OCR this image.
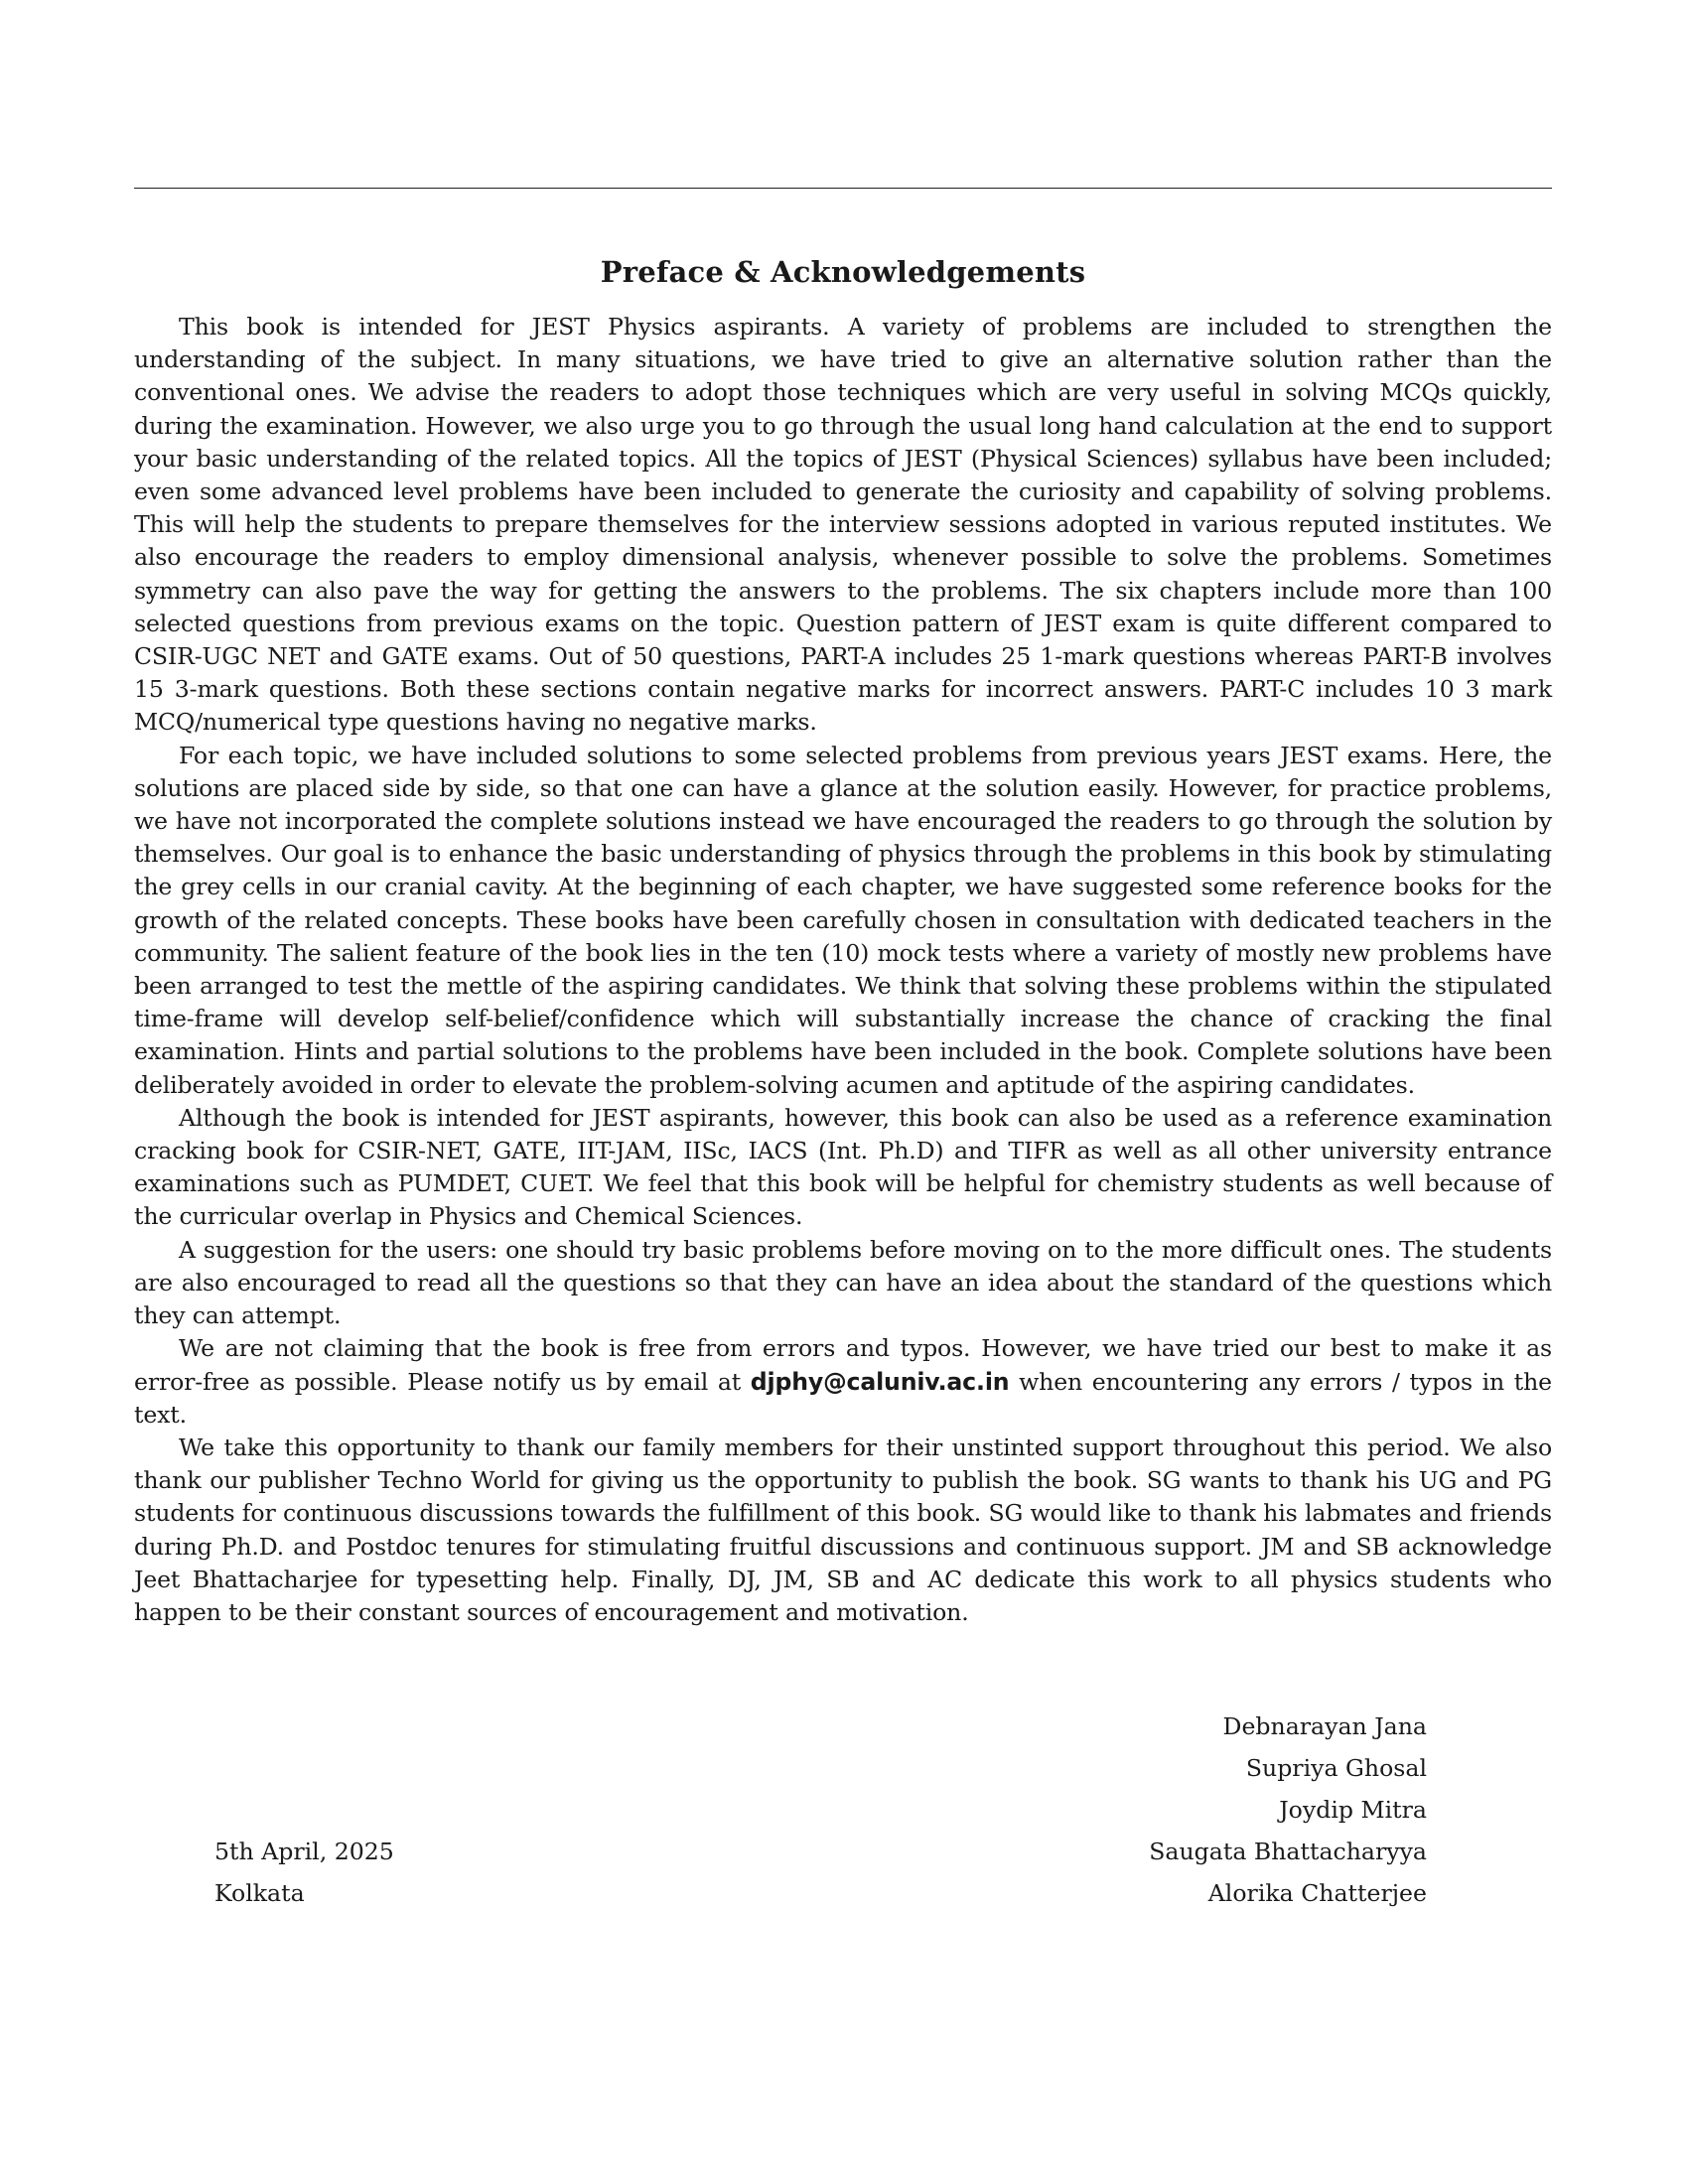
Preface & Acknowledgements

This book is intended for JEST Physics aspirants. A variety of problems are included to strengthen the understanding of the subject. In many situations, we have tried to give an alternative solution rather than the conventional ones. We advise the readers to adopt those techniques which are very useful in solving MCQs quickly, during the examination. However, we also urge you to go through the usual long hand calculation at the end to support your basic understanding of the related topics. All the topics of JEST (Physical Sciences) syllabus have been included; even some advanced level problems have been included to generate the curiosity and capability of solving problems. This will help the students to prepare themselves for the interview sessions adopted in various reputed institutes. We also encourage the readers to employ dimensional analysis, whenever possible to solve the problems. Sometimes symmetry can also pave the way for getting the answers to the problems. The six chapters include more than 100 selected questions from previous exams on the topic. Question pattern of JEST exam is quite different compared to CSIR-UGC NET and GATE exams. Out of 50 questions, PART-A includes 25 1-mark questions whereas PART-B involves 15 3-mark questions. Both these sections contain negative marks for incorrect answers. PART-C includes 10 3 mark MCQ/numerical type questions having no negative marks.

For each topic, we have included solutions to some selected problems from previous years JEST exams. Here, the solutions are placed side by side, so that one can have a glance at the solution easily. However, for practice problems, we have not incorporated the complete solutions instead we have encouraged the readers to go through the solution by themselves. Our goal is to enhance the basic understanding of physics through the problems in this book by stimulating the grey cells in our cranial cavity. At the beginning of each chapter, we have suggested some reference books for the growth of the related concepts. These books have been carefully chosen in consultation with dedicated teachers in the community. The salient feature of the book lies in the ten (10) mock tests where a variety of mostly new problems have been arranged to test the mettle of the aspiring candidates. We think that solving these problems within the stipulated time-frame will develop self-belief/confidence which will substantially increase the chance of cracking the final examination. Hints and partial solutions to the problems have been included in the book. Complete solutions have been deliberately avoided in order to elevate the problem-solving acumen and aptitude of the aspiring candidates.

Although the book is intended for JEST aspirants, however, this book can also be used as a reference examination cracking book for CSIR-NET, GATE, IIT-JAM, IISc, IACS (Int. Ph.D) and TIFR as well as all other university entrance examinations such as PUMDET, CUET. We feel that this book will be helpful for chemistry students as well because of the curricular overlap in Physics and Chemical Sciences.

A suggestion for the users: one should try basic problems before moving on to the more difficult ones. The students are also encouraged to read all the questions so that they can have an idea about the standard of the questions which they can attempt.

We are not claiming that the book is free from errors and typos. However, we have tried our best to make it as error-free as possible. Please notify us by email at djphy@caluniv.ac.in when encountering any errors / typos in the text.

We take this opportunity to thank our family members for their unstinted support throughout this period. We also thank our publisher Techno World for giving us the opportunity to publish the book. SG wants to thank his UG and PG students for continuous discussions towards the fulfillment of this book. SG would like to thank his labmates and friends during Ph.D. and Postdoc tenures for stimulating fruitful discussions and continuous support. JM and SB acknowledge Jeet Bhattacharjee for typesetting help. Finally, DJ, JM, SB and AC dedicate this work to all physics students who happen to be their constant sources of encouragement and motivation.

5th April, 2025
Kolkata
Debnarayan Jana
Supriya Ghosal
Joydip Mitra
Saugata Bhattacharyya
Alorika Chatterjee
